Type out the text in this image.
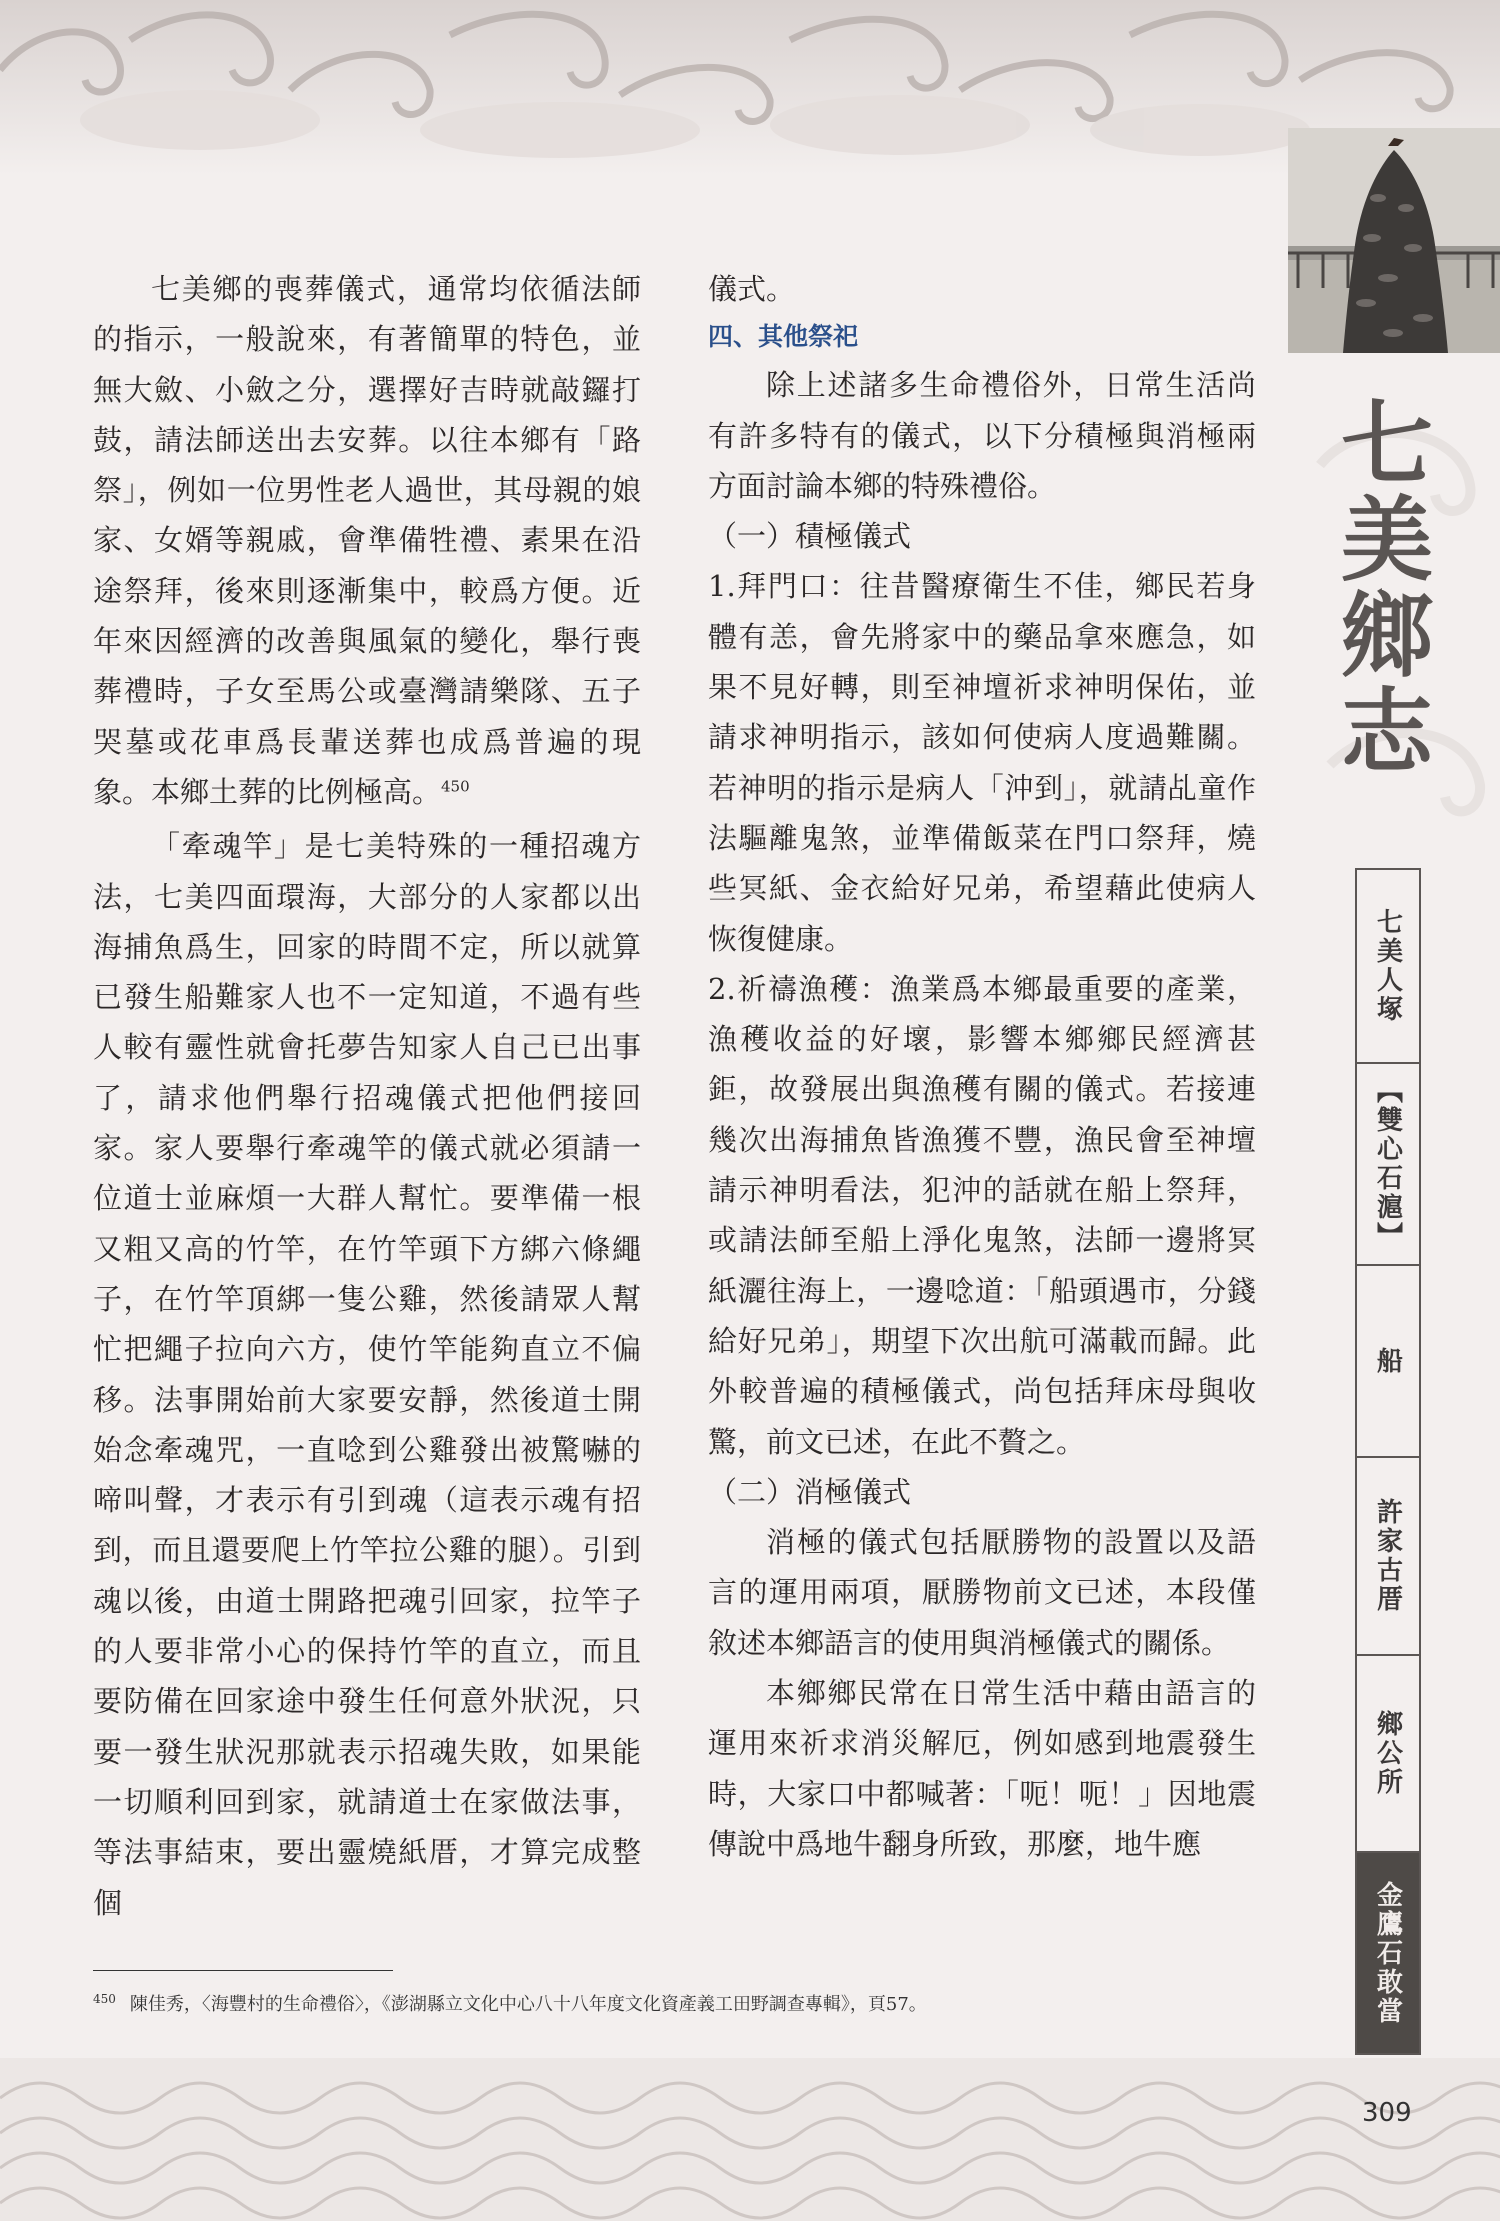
七美鄉志

七美鄉的喪葬儀式，通常均依循法師的指示，一般說來，有著簡單的特色，並無大斂、小斂之分，選擇好吉時就敲鑼打鼓，請法師送出去安葬。以往本鄉有「路祭」，例如一位男性老人過世，其母親的娘家、女婿等親戚，會準備牲禮、素果在沿途祭拜，後來則逐漸集中，較爲方便。近年來因經濟的改善與風氣的變化，舉行喪葬禮時，子女至馬公或臺灣請樂隊、五子哭墓或花車爲長輩送葬也成爲普遍的現象。本鄉土葬的比例極高。$^{450}$

「牽魂竿」是七美特殊的一種招魂方法，七美四面環海，大部分的人家都以出海捕魚爲生，回家的時間不定，所以就算已發生船難家人也不一定知道，不過有些人較有靈性就會托夢告知家人自己已出事了，請求他們舉行招魂儀式把他們接回家。家人要舉行牽魂竿的儀式就必須請一位道士並麻煩一大群人幫忙。要準備一根又粗又高的竹竿，在竹竿頭下方綁六條繩子，在竹竿頂綁一隻公雞，然後請眾人幫忙把繩子拉向六方，使竹竿能夠直立不偏移。法事開始前大家要安靜，然後道士開始念牽魂咒，一直唸到公雞發出被驚嚇的啼叫聲，才表示有引到魂（這表示魂有招到，而且還要爬上竹竿拉公雞的腿）。引到魂以後，由道士開路把魂引回家，拉竿子的人要非常小心的保持竹竿的直立，而且要防備在回家途中發生任何意外狀況，只要一發生狀況那就表示招魂失敗，如果能一切順利回到家，就請道士在家做法事，等法事結束，要出靈燒紙厝，才算完成整個

儀式。

四、其他祭祀

除上述諸多生命禮俗外，日常生活尚有許多特有的儀式，以下分積極與消極兩方面討論本鄉的特殊禮俗。

（一）積極儀式

1.拜門口：往昔醫療衛生不佳，鄉民若身體有恙，會先將家中的藥品拿來應急，如果不見好轉，則至神壇祈求神明保佑，並請求神明指示，該如何使病人度過難關。若神明的指示是病人「沖到」，就請乩童作法驅離鬼煞，並準備飯菜在門口祭拜，燒些冥紙、金衣給好兄弟，希望藉此使病人恢復健康。

2.祈禱漁穫：漁業爲本鄉最重要的產業，漁穫收益的好壞，影響本鄉鄉民經濟甚鉅，故發展出與漁穫有關的儀式。若接連幾次出海捕魚皆漁獲不豐，漁民會至神壇請示神明看法，犯沖的話就在船上祭拜，或請法師至船上淨化鬼煞，法師一邊將冥紙灑往海上，一邊唸道：「船頭遇市，分錢給好兄弟」，期望下次出航可滿載而歸。此外較普遍的積極儀式，尚包括拜床母與收驚，前文已述，在此不贅之。

（二）消極儀式

消極的儀式包括厭勝物的設置以及語言的運用兩項，厭勝物前文已述，本段僅敘述本鄉語言的使用與消極儀式的關係。

本鄉鄉民常在日常生活中藉由語言的運用來祈求消災解厄，例如感到地震發生時，大家口中都喊著：「呃！呃！」因地震傳說中爲地牛翻身所致，那麼，地牛應

七美人塚
【雙心石滬】
船
許家古厝
鄉公所
金鷹石敢當
$^{450}$ 陳佳秀，〈海豐村的生命禮俗〉，《澎湖縣立文化中心八十八年度文化資產義工田野調查專輯》，頁57。
309
